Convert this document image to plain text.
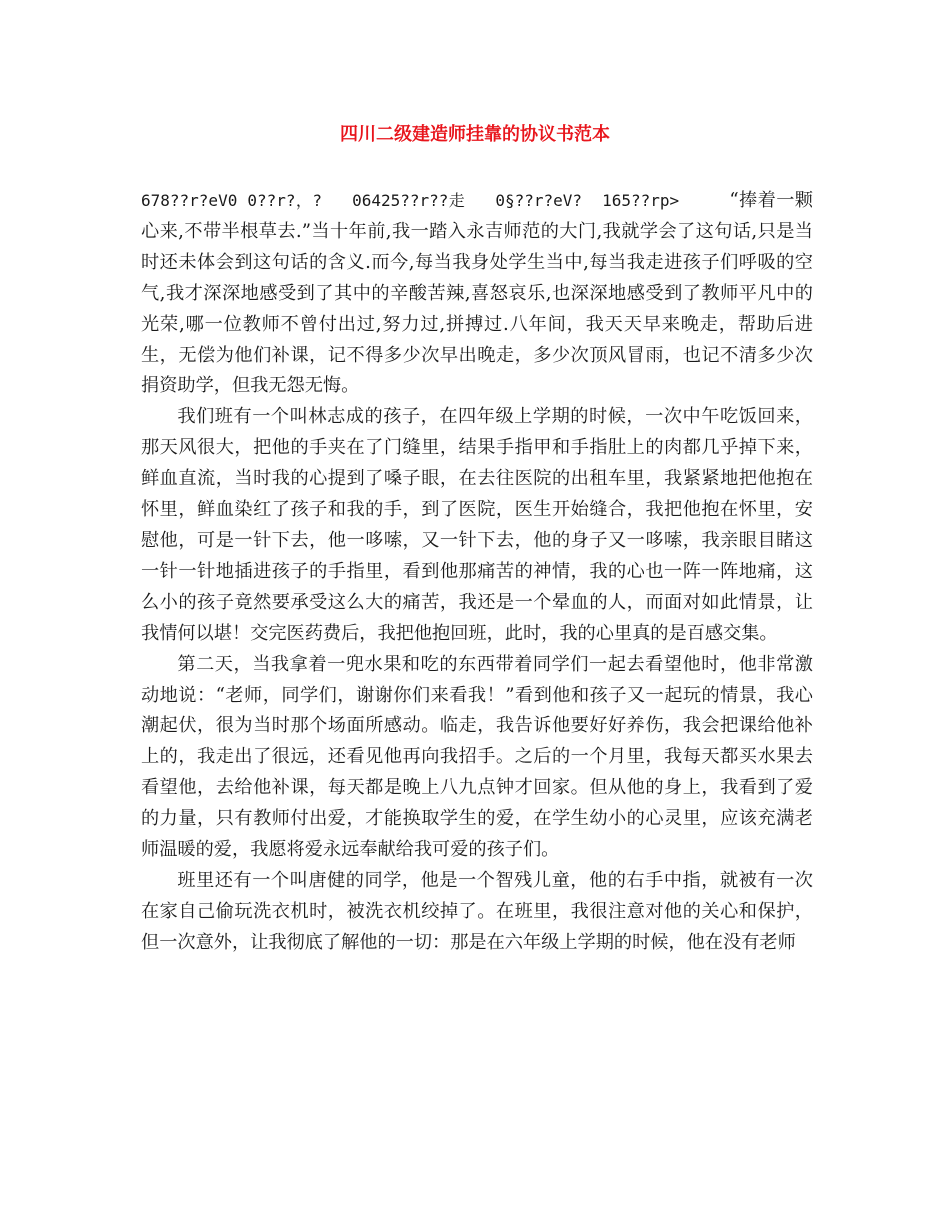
四川二级建造师挂靠的协议书范本

678??r?eV0 0??r?，?   06425??r??走   0§??r?eV?  165??rp>     “捧着一颗心来,不带半根草去.”当十年前,我一踏入永吉师范的大门,我就学会了这句话,只是当时还未体会到这句话的含义.而今,每当我身处学生当中,每当我走进孩子们呼吸的空气,我才深深地感受到了其中的辛酸苦辣,喜怒哀乐,也深深地感受到了教师平凡中的光荣,哪一位教师不曾付出过,努力过,拼搏过.八年间，我天天早来晚走，帮助后进生，无偿为他们补课，记不得多少次早出晚走，多少次顶风冒雨，也记不清多少次捐资助学，但我无怨无悔。

我们班有一个叫林志成的孩子，在四年级上学期的时候，一次中午吃饭回来，那天风很大，把他的手夹在了门缝里，结果手指甲和手指肚上的肉都几乎掉下来，鲜血直流，当时我的心提到了嗓子眼，在去往医院的出租车里，我紧紧地把他抱在怀里，鲜血染红了孩子和我的手，到了医院，医生开始缝合，我把他抱在怀里，安慰他，可是一针下去，他一哆嗦，又一针下去，他的身子又一哆嗦，我亲眼目睹这一针一针地插进孩子的手指里，看到他那痛苦的神情，我的心也一阵一阵地痛，这么小的孩子竟然要承受这么大的痛苦，我还是一个晕血的人，而面对如此情景，让我情何以堪！交完医药费后，我把他抱回班，此时，我的心里真的是百感交集。

第二天，当我拿着一兜水果和吃的东西带着同学们一起去看望他时，他非常激动地说：“老师，同学们，谢谢你们来看我！”看到他和孩子又一起玩的情景，我心潮起伏，很为当时那个场面所感动。临走，我告诉他要好好养伤，我会把课给他补上的，我走出了很远，还看见他再向我招手。之后的一个月里，我每天都买水果去看望他，去给他补课，每天都是晚上八九点钟才回家。但从他的身上，我看到了爱的力量，只有教师付出爱，才能换取学生的爱，在学生幼小的心灵里，应该充满老师温暖的爱，我愿将爱永远奉献给我可爱的孩子们。

班里还有一个叫唐健的同学，他是一个智残儿童，他的右手中指，就被有一次在家自己偷玩洗衣机时，被洗衣机绞掉了。在班里，我很注意对他的关心和保护，但一次意外，让我彻底了解他的一切：那是在六年级上学期的时候，他在没有老师
